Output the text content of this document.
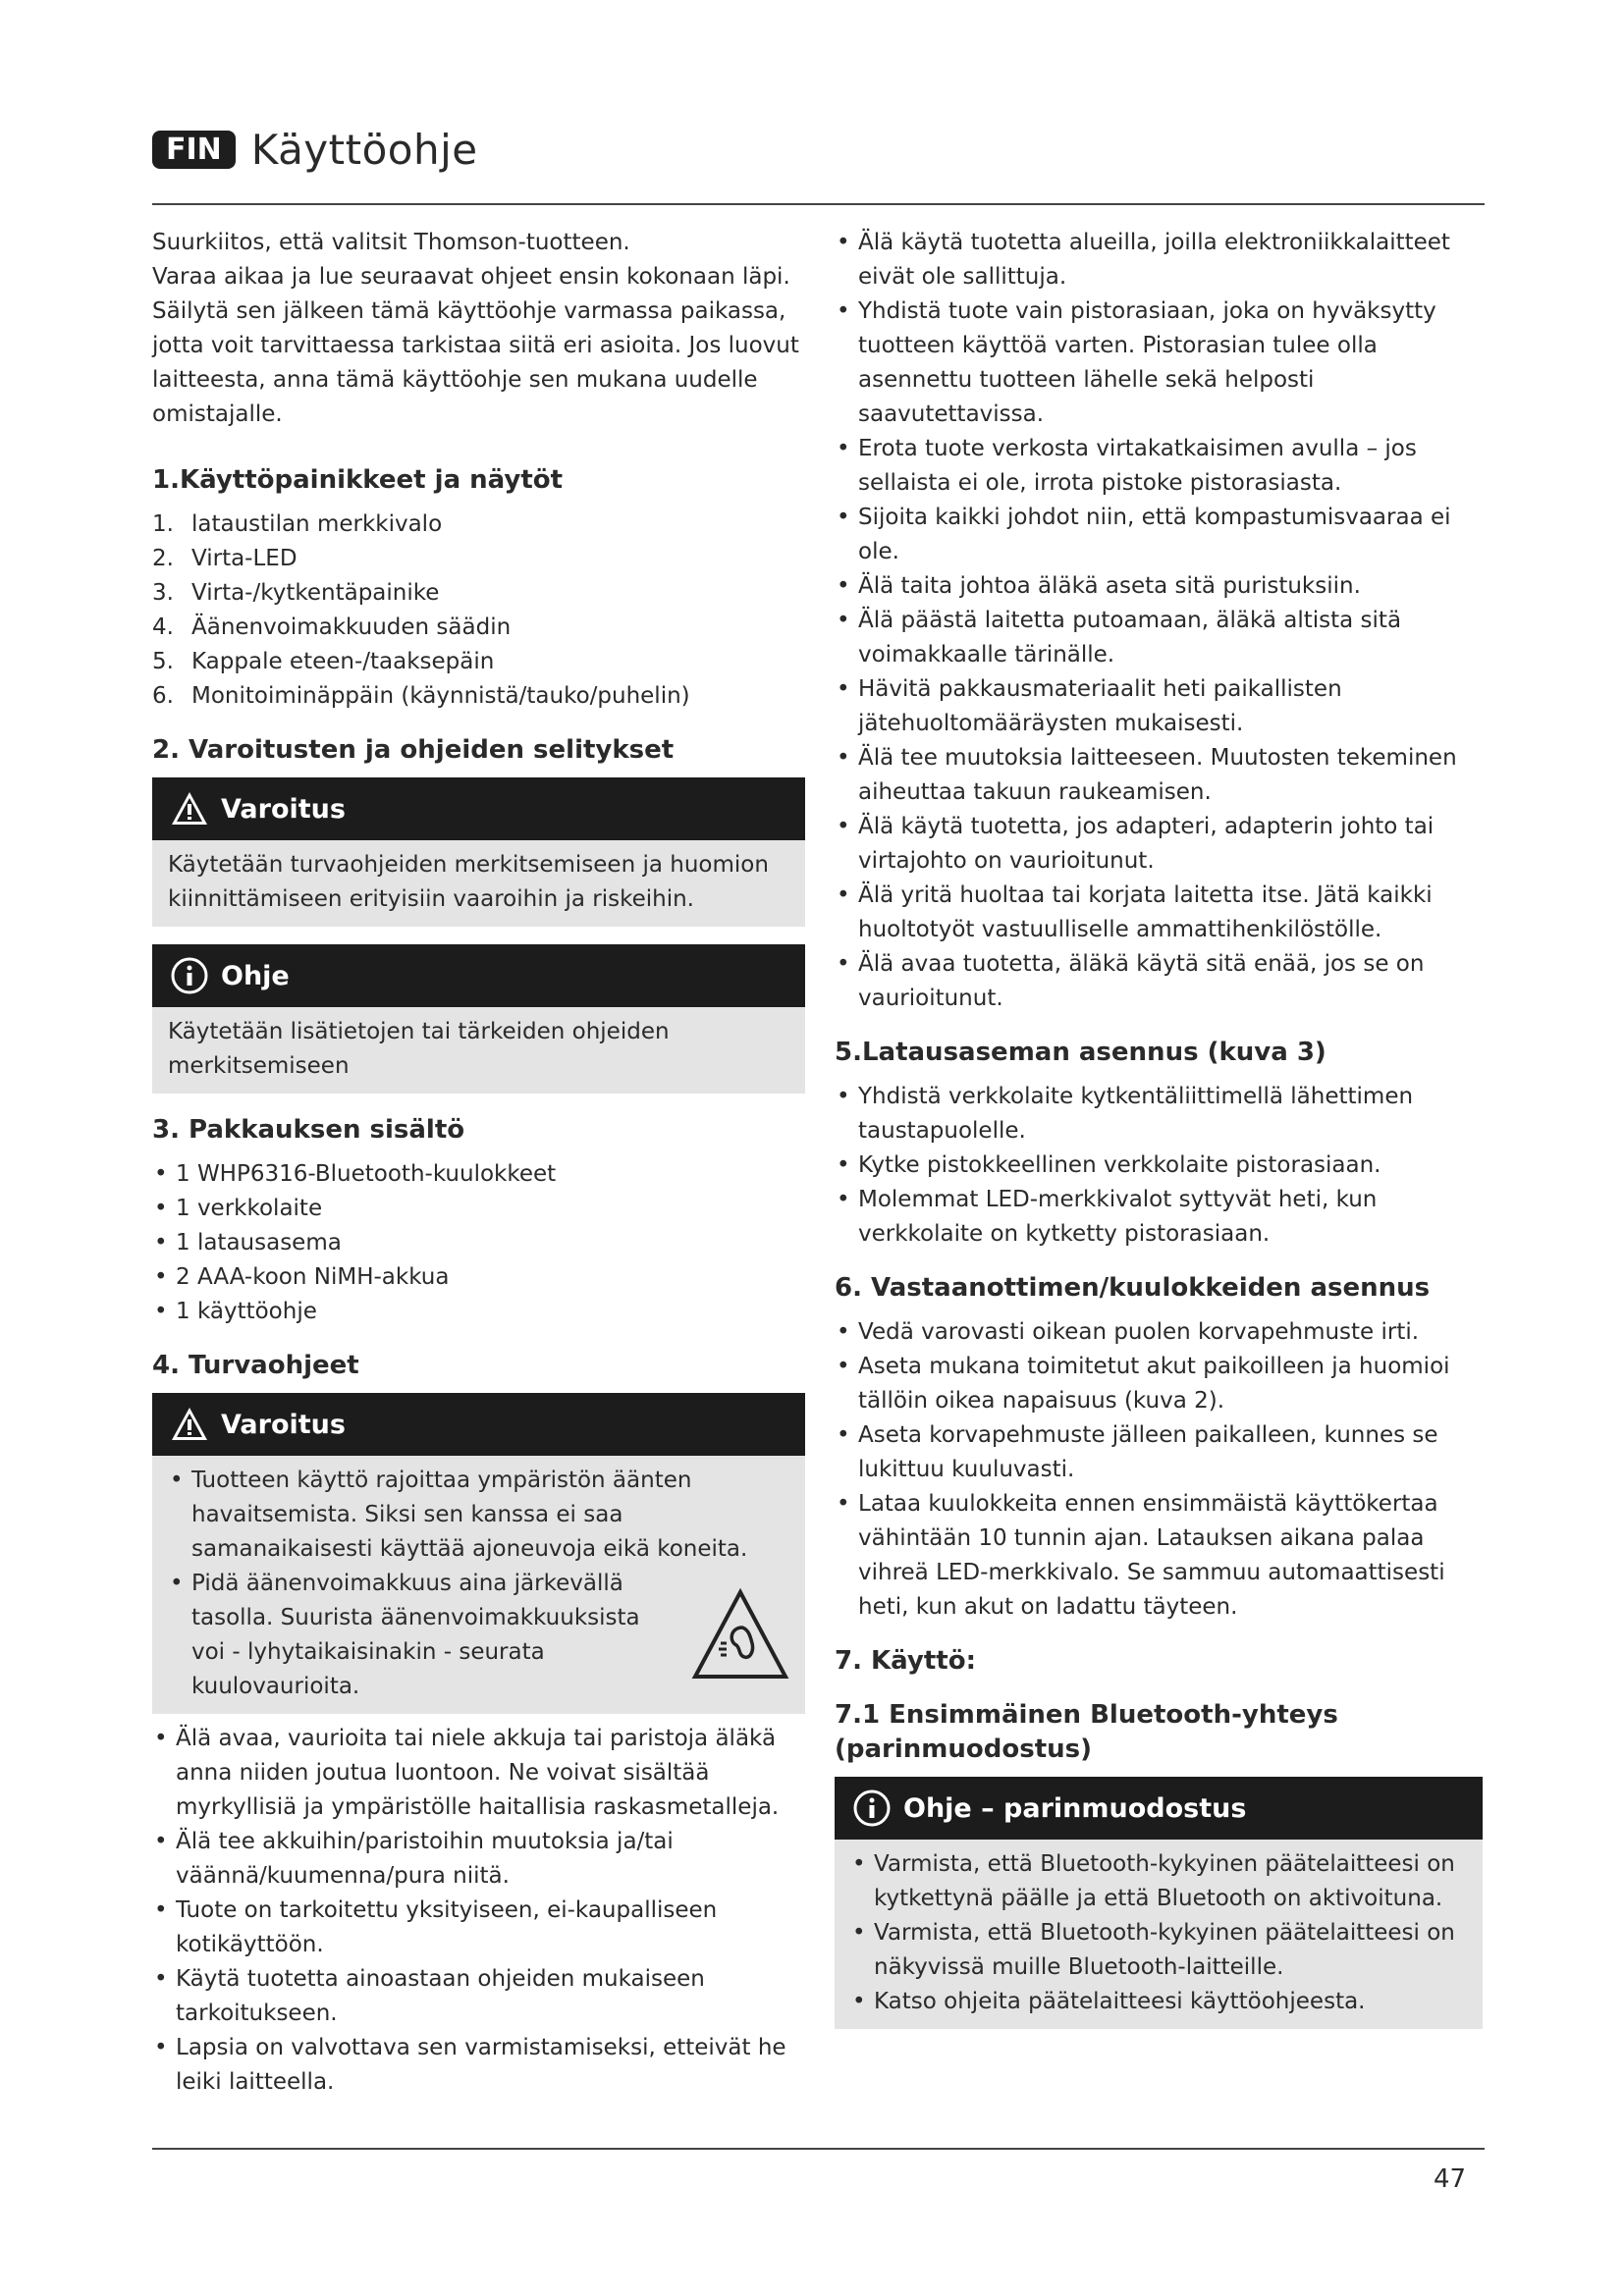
FIN Käyttöohje

Suurkiitos, että valitsit Thomson-tuotteen.

Varaa aikaa ja lue seuraavat ohjeet ensin kokonaan läpi. Säilytä sen jälkeen tämä käyttöohje varmassa paikassa, jotta voit tarvittaessa tarkistaa siitä eri asioita. Jos luovut laitteesta, anna tämä käyttöohje sen mukana uudelle omistajalle.

1.Käyttöpainikkeet ja näytöt
1. lataustilan merkkivalo
2. Virta-LED
3. Virta-/kytkentäpainike
4. Äänenvoimakkuuden säädin
5. Kappale eteen-/taaksepäin
6. Monitoiminäppäin (käynnistä/tauko/puhelin)
2. Varoitusten ja ohjeiden selitykset
Varoitus
Käytetään turvaohjeiden merkitsemiseen ja huomion kiinnittämiseen erityisiin vaaroihin ja riskeihin.
Ohje
Käytetään lisätietojen tai tärkeiden ohjeiden merkitsemiseen
3. Pakkauksen sisältö
• 1 WHP6316-Bluetooth-kuulokkeet
• 1 verkkolaite
• 1 latausasema
• 2 AAA-koon NiMH-akkua
• 1 käyttöohje
4. Turvaohjeet
Varoitus
• Tuotteen käyttö rajoittaa ympäristön äänten havaitsemista. Siksi sen kanssa ei saa samanaikaisesti käyttää ajoneuvoja eikä koneita.
• Pidä äänenvoimakkuus aina järkevällä tasolla. Suurista äänenvoimakkuuksista voi - lyhytaikaisinakin - seurata kuulovaurioita.
• Älä avaa, vaurioita tai niele akkuja tai paristoja äläkä anna niiden joutua luontoon. Ne voivat sisältää myrkyllisiä ja ympäristölle haitallisia raskasmetalleja.
• Älä tee akkuihin/paristoihin muutoksia ja/tai väännä/kuumenna/pura niitä.
• Tuote on tarkoitettu yksityiseen, ei-kaupalliseen kotikäyttöön.
• Käytä tuotetta ainoastaan ohjeiden mukaiseen tarkoitukseen.
• Lapsia on valvottava sen varmistamiseksi, etteivät he leiki laitteella.
• Älä käytä tuotetta alueilla, joilla elektroniikkalaitteet eivät ole sallittuja.
• Yhdistä tuote vain pistorasiaan, joka on hyväksytty tuotteen käyttöä varten. Pistorasian tulee olla asennettu tuotteen lähelle sekä helposti saavutettavissa.
• Erota tuote verkosta virtakatkaisimen avulla – jos sellaista ei ole, irrota pistoke pistorasiasta.
• Sijoita kaikki johdot niin, että kompastumisvaaraa ei ole.
• Älä taita johtoa äläkä aseta sitä puristuksiin.
• Älä päästä laitetta putoamaan, äläkä altista sitä voimakkaalle tärinälle.
• Hävitä pakkausmateriaalit heti paikallisten jätehuoltomääräysten mukaisesti.
• Älä tee muutoksia laitteeseen. Muutosten tekeminen aiheuttaa takuun raukeamisen.
• Älä käytä tuotetta, jos adapteri, adapterin johto tai virtajohto on vaurioitunut.
• Älä yritä huoltaa tai korjata laitetta itse. Jätä kaikki huoltotyöt vastuulliselle ammattihenkilöstölle.
• Älä avaa tuotetta, äläkä käytä sitä enää, jos se on vaurioitunut.
5.Latausaseman asennus (kuva 3)
• Yhdistä verkkolaite kytkentäliittimellä lähettimen taustapuolelle.
• Kytke pistokkeellinen verkkolaite pistorasiaan.
• Molemmat LED-merkkivalot syttyvät heti, kun verkkolaite on kytketty pistorasiaan.
6. Vastaanottimen/kuulokkeiden asennus
• Vedä varovasti oikean puolen korvapehmuste irti.
• Aseta mukana toimitetut akut paikoilleen ja huomioi tällöin oikea napaisuus (kuva 2).
• Aseta korvapehmuste jälleen paikalleen, kunnes se lukittuu kuuluvasti.
• Lataa kuulokkeita ennen ensimmäistä käyttökertaa vähintään 10 tunnin ajan. Latauksen aikana palaa vihreä LED-merkkivalo. Se sammuu automaattisesti heti, kun akut on ladattu täyteen.
7. Käyttö:
7.1 Ensimmäinen Bluetooth-yhteys (parinmuodostus)
Ohje – parinmuodostus
• Varmista, että Bluetooth-kykyinen päätelaitteesi on kytkettynä päälle ja että Bluetooth on aktivoituna.
• Varmista, että Bluetooth-kykyinen päätelaitteesi on näkyvissä muille Bluetooth-laitteille.
• Katso ohjeita päätelaitteesi käyttöohjeesta.
47
